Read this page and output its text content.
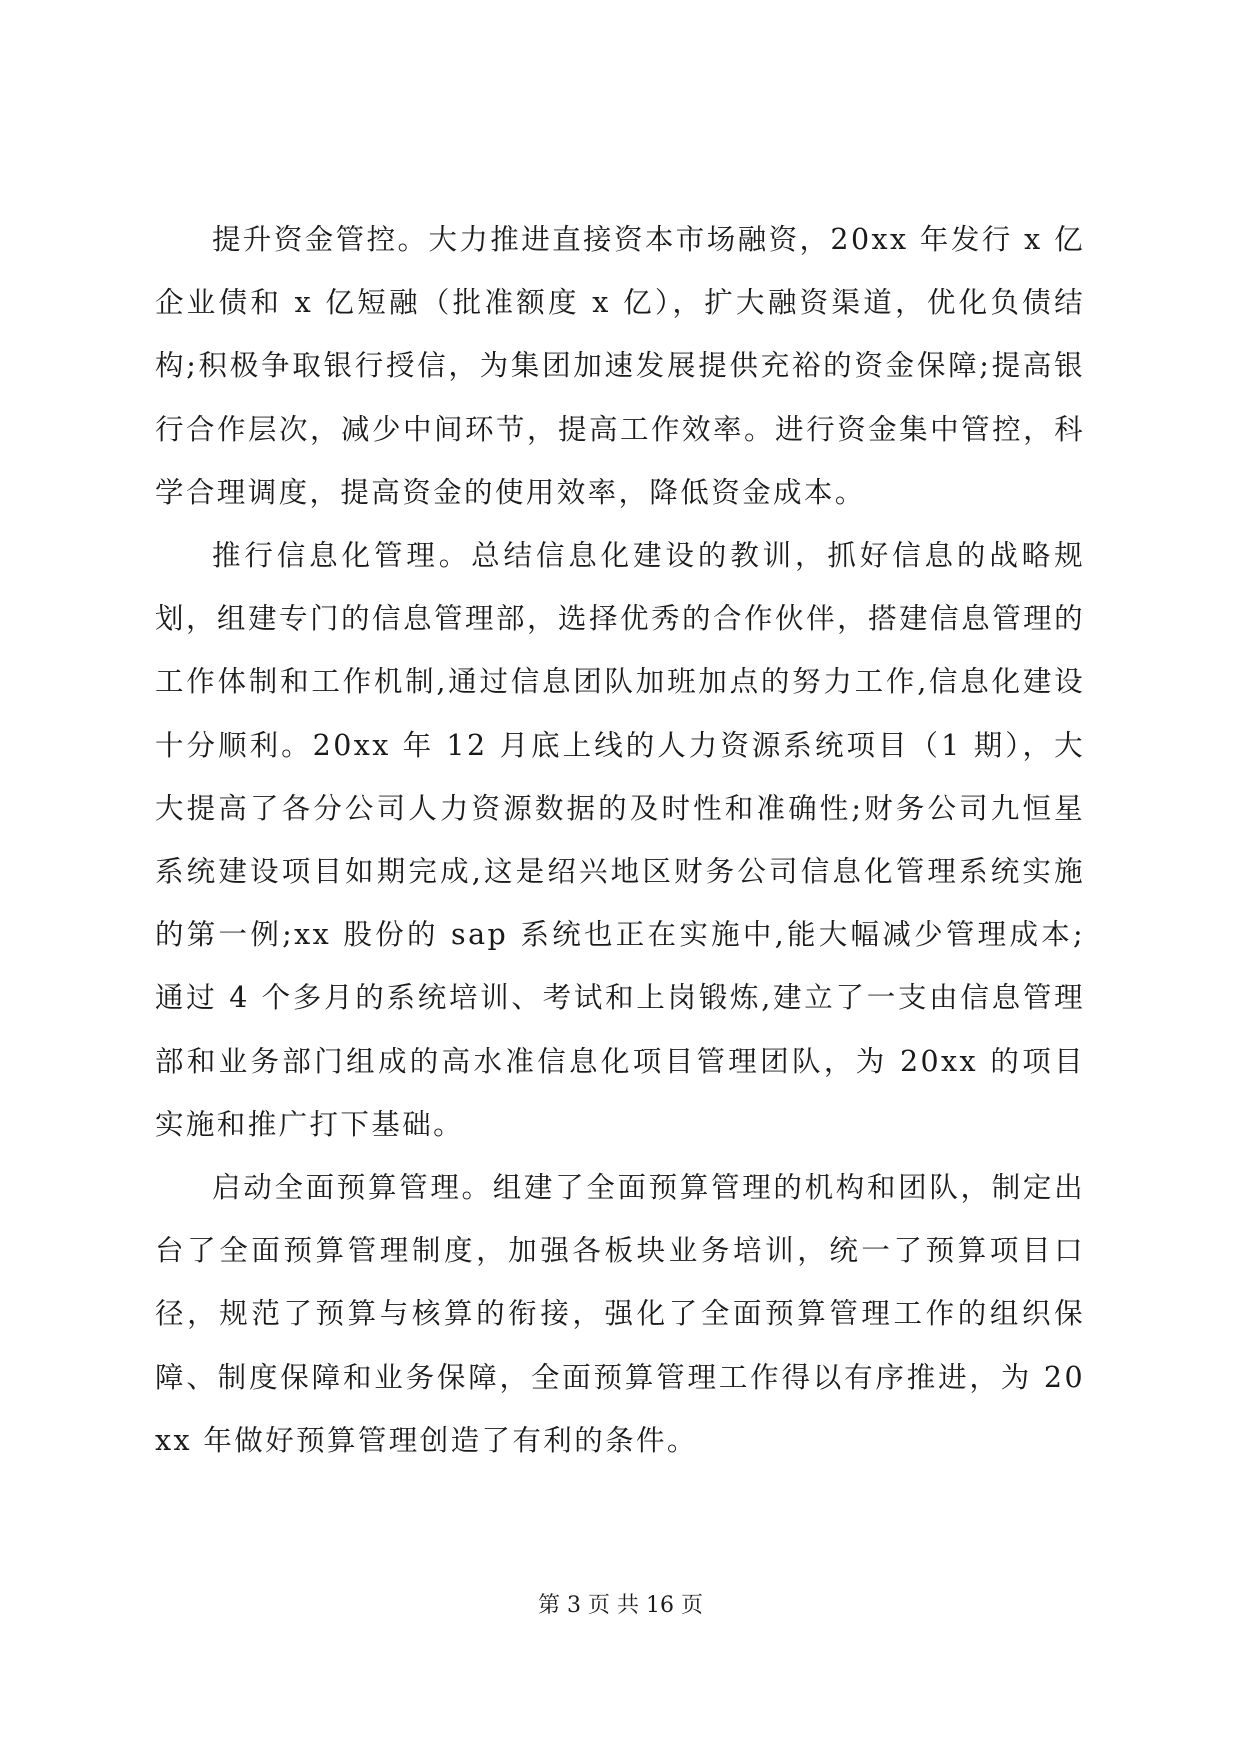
提升资金管控。大力推进直接资本市场融资，20xx 年发行 x 亿企业债和 x 亿短融（批准额度 x 亿），扩大融资渠道，优化负债结构;积极争取银行授信，为集团加速发展提供充裕的资金保障;提高银行合作层次，减少中间环节，提高工作效率。进行资金集中管控，科学合理调度，提高资金的使用效率，降低资金成本。

推行信息化管理。总结信息化建设的教训，抓好信息的战略规划，组建专门的信息管理部，选择优秀的合作伙伴，搭建信息管理的工作体制和工作机制,通过信息团队加班加点的努力工作,信息化建设十分顺利。20xx 年 12 月底上线的人力资源系统项目（1 期），大大提高了各分公司人力资源数据的及时性和准确性;财务公司九恒星系统建设项目如期完成,这是绍兴地区财务公司信息化管理系统实施的第一例;xx 股份的 sap 系统也正在实施中,能大幅减少管理成本;通过 4 个多月的系统培训、考试和上岗锻炼,建立了一支由信息管理部和业务部门组成的高水准信息化项目管理团队，为 20xx 的项目实施和推广打下基础。

启动全面预算管理。组建了全面预算管理的机构和团队，制定出台了全面预算管理制度，加强各板块业务培训，统一了预算项目口径，规范了预算与核算的衔接，强化了全面预算管理工作的组织保障、制度保障和业务保障，全面预算管理工作得以有序推进，为 20xx 年做好预算管理创造了有利的条件。

第 3 页 共 16 页
